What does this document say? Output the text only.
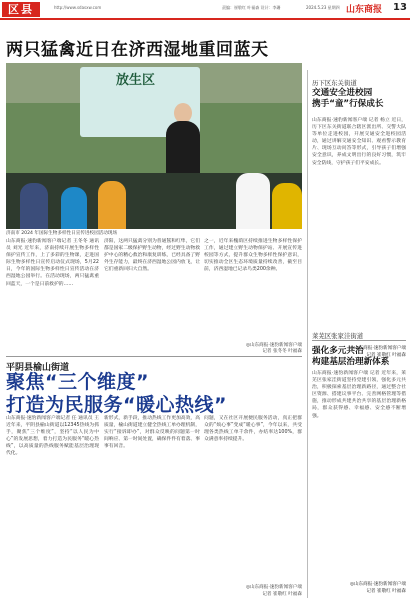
区县	http://www.sdasxw.com	责编：崔敬红 叶福森 设计：李珊	2024.5.23 星期四 山东商报 13
两只猛禽近日在济西湿地重回蓝天
放生区
济南市 2024 年国际生物多样性日宣传进校园活动现场
山东商报·速豹新闻客户端记者 王冬冬 通讯员 刘光 近年来，济南持续开展生物多样性保护宣传工作，上了多彩的生物课，走进国际生物多样性日宣传启动仪式现场，5月22日，今年的国际生物多样性日宣传活动在济西湿地公园举行。在活动现场，两只猛禽重回蓝天，一个是日前救护的……
济阳，这两只猛禽分别为普通鵟和红隼，它们都是国家二级保护野生动物，经过野生动物救护中心的精心救治和康复训练，已经具备了野外生存能力，最终在济西湿地公园内放飞，让它们重新回归大自然。
之一，近年来槐荫区持续推进生物多样性保护工作，通过建立野生动物保护站、开展宣传进校园等方式，提升群众生物多样性保护意识，切实推动全区生态环境质量持续改善，截至目前，济西湿地已记录鸟类200余种。
◎山东商报·速豹新闻客户端
记者 张冬冬 叶福森
平阴县榆山街道
聚焦“三个维度”
打造为民服务“暖心热线”
山东商报·速豹新闻客户端记者 任 通讯员 王 近年来，平阴县榆山街道以12345热线为抓手，聚焦“三个维度”，坚持“以人民为中心”的发展思想，着力打造为民服务“暖心热线”，以高质量的热线服务赋能基层治理现代化。
新形式，新手段，推动热线工作更加高效，高质量，榆山街道建立健全热线工单办理机制，实行“接诉即办”，对群众反映的问题第一时间响应、第一时间处置，确保件件有着落、事事有回音。
问题，又在社区开展便民服务活动，真正把群众的“烦心事”变成“暖心事”，今年以来，共受理各类热线工单千余件，办结率达100%，群众满意率持续提升。
◎山东商报·速豹新闻客户端
记者 崔敬红 叶福森
历下区东关街道
交通安全进校园
携手“童”行保成长
山东商报·速豹新闻客户端 记者 杨立 近日，历下区东关街道联合辖区派出所、交警大队等单位走进校园，开展交通安全进校园活动，通过讲解交通安全知识、观看警示教育片、现场互动问答等形式，引导孩子们增强安全意识，养成文明出行的良好习惯，筑牢安全防线，守护孩子们平安成长。
◎山东商报·速豹新闻客户端
记者 崔敬红 叶福森
莱芜区张家洼街道
强化多元共治
构建基层治理新体系
山东商报·速豹新闻客户端 记者 近年来，莱芜区张家洼街道坚持党建引领，强化多元共治，积极探索基层治理新路径，通过整合社区资源、搭建议事平台、完善网格管理等措施，推动形成共建共治共享的基层治理新格局，群众获得感、幸福感、安全感不断增强。
◎山东商报·速豹新闻客户端
记者 崔敬红 叶福森
